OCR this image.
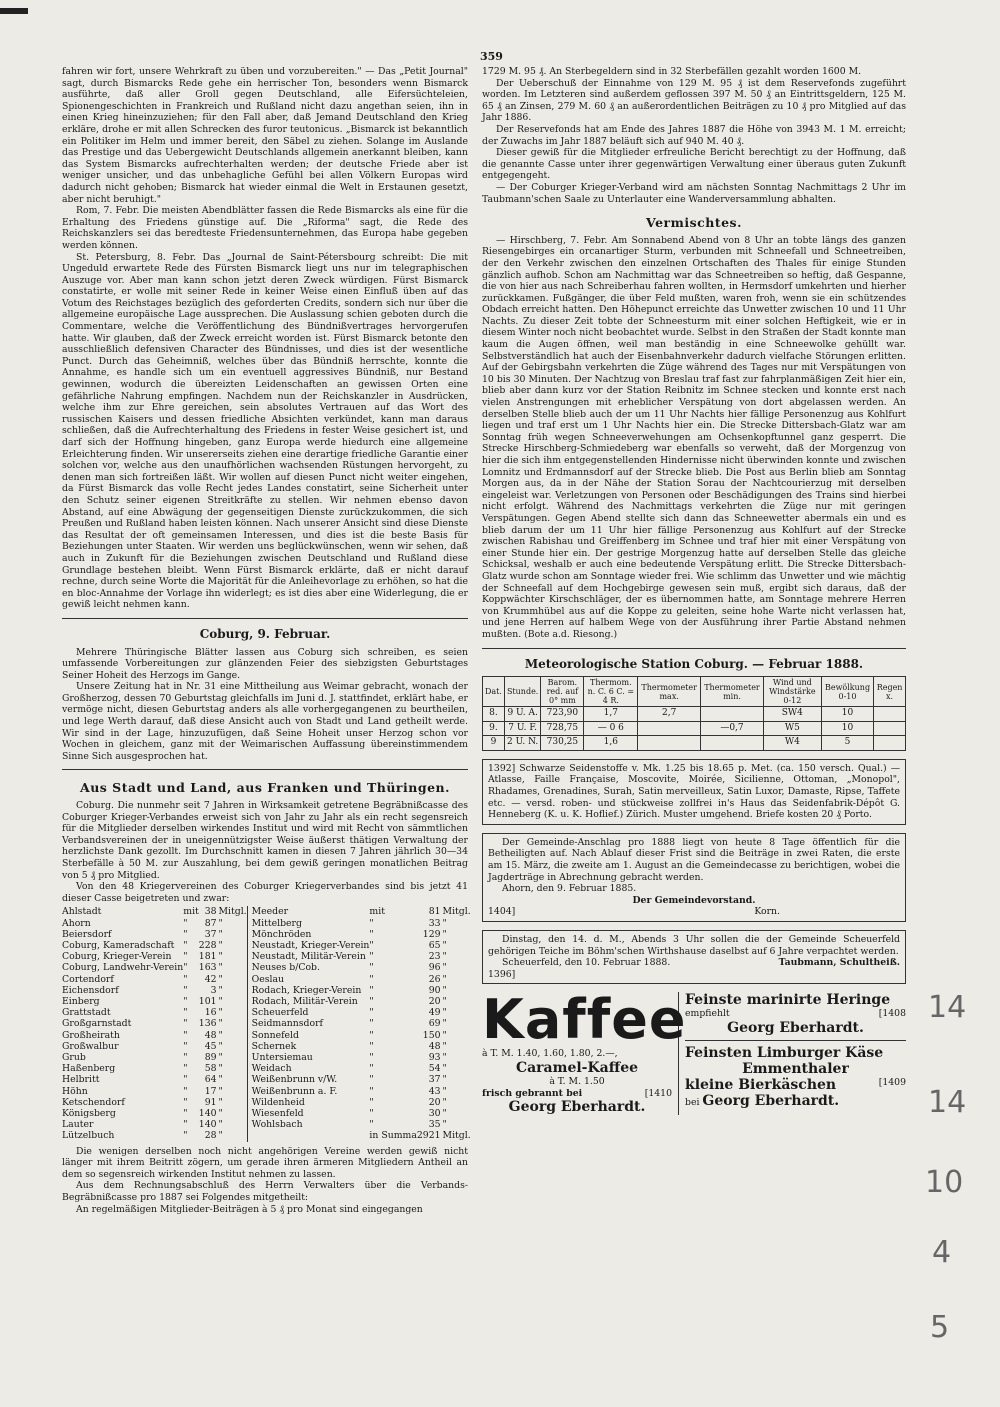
359

fahren wir fort, unsere Wehrkraft zu üben und vorzubereiten." — Das „Petit Journal" sagt, durch Bismarcks Rede gehe ein herrischer Ton, besonders wenn Bismarck ausführte, daß aller Groll gegen Deutschland, alle Eifersüchteleien, Spionengeschichten in Frankreich und Rußland nicht dazu angethan seien, ihn in einen Krieg hineinzuziehen; für den Fall aber, daß Jemand Deutschland den Krieg erkläre, drohe er mit allen Schrecken des furor teutonicus. „Bismarck ist bekanntlich ein Politiker im Helm und immer bereit, den Säbel zu ziehen. Solange im Auslande das Prestige und das Uebergewicht Deutschlands allgemein anerkannt bleiben, kann das System Bismarcks aufrechterhalten werden; der deutsche Friede aber ist weniger unsicher, und das unbehagliche Gefühl bei allen Völkern Europas wird dadurch nicht gehoben; Bismarck hat wieder einmal die Welt in Erstaunen gesetzt, aber nicht beruhigt."

Rom, 7. Febr. Die meisten Abendblätter fassen die Rede Bismarcks als eine für die Erhaltung des Friedens günstige auf. Die „Riforma" sagt, die Rede des Reichskanzlers sei das beredteste Friedensunternehmen, das Europa habe gegeben werden können.

St. Petersburg, 8. Febr. Das „Journal de Saint-Pétersbourg schreibt: Die mit Ungeduld erwartete Rede des Fürsten Bismarck liegt uns nur im telegraphischen Auszuge vor. Aber man kann schon jetzt deren Zweck würdigen. Fürst Bismarck constatirte, er wolle mit seiner Rede in keiner Weise einen Einfluß üben auf das Votum des Reichstages bezüglich des geforderten Credits, sondern sich nur über die allgemeine europäische Lage aussprechen. Die Auslassung schien geboten durch die Commentare, welche die Veröffentlichung des Bündnißvertrages hervorgerufen hatte. Wir glauben, daß der Zweck erreicht worden ist. Fürst Bismarck betonte den ausschließlich defensiven Character des Bündnisses, und dies ist der wesentliche Punct. Durch das Geheimniß, welches über das Bündniß herrschte, konnte die Annahme, es handle sich um ein eventuell aggressives Bündniß, nur Bestand gewinnen, wodurch die übereizten Leidenschaften an gewissen Orten eine gefährliche Nahrung empfingen. Nachdem nun der Reichskanzler in Ausdrücken, welche ihm zur Ehre gereichen, sein absolutes Vertrauen auf das Wort des russischen Kaisers und dessen friedliche Absichten verkündet, kann man daraus schließen, daß die Aufrechterhaltung des Friedens in fester Weise gesichert ist, und darf sich der Hoffnung hingeben, ganz Europa werde hiedurch eine allgemeine Erleichterung finden. Wir unsererseits ziehen eine derartige friedliche Garantie einer solchen vor, welche aus den unaufhörlichen wachsenden Rüstungen hervorgeht, zu denen man sich fortreißen läßt. Wir wollen auf diesen Punct nicht weiter eingehen, da Fürst Bismarck das volle Recht jedes Landes constatirt, seine Sicherheit unter den Schutz seiner eigenen Streitkräfte zu stellen. Wir nehmen ebenso davon Abstand, auf eine Abwägung der gegenseitigen Dienste zurückzukommen, die sich Preußen und Rußland haben leisten können. Nach unserer Ansicht sind diese Dienste das Resultat der oft gemeinsamen Interessen, und dies ist die beste Basis für Beziehungen unter Staaten. Wir werden uns beglückwünschen, wenn wir sehen, daß auch in Zukunft für die Beziehungen zwischen Deutschland und Rußland diese Grundlage bestehen bleibt. Wenn Fürst Bismarck erklärte, daß er nicht darauf rechne, durch seine Worte die Majorität für die Anleihevorlage zu erhöhen, so hat die en bloc-Annahme der Vorlage ihn widerlegt; es ist dies aber eine Widerlegung, die er gewiß leicht nehmen kann.

Coburg, 9. Februar.

Mehrere Thüringische Blätter lassen aus Coburg sich schreiben, es seien umfassende Vorbereitungen zur glänzenden Feier des siebzigsten Geburtstages Seiner Hoheit des Herzogs im Gange.

Unsere Zeitung hat in Nr. 31 eine Mittheilung aus Weimar gebracht, wonach der Großherzog, dessen 70 Geburtstag gleichfalls im Juni d. J. stattfindet, erklärt habe, er vermöge nicht, diesen Geburtstag anders als alle vorhergegangenen zu beurtheilen, und lege Werth darauf, daß diese Ansicht auch von Stadt und Land getheilt werde. Wir sind in der Lage, hinzuzufügen, daß Seine Hoheit unser Herzog schon vor Wochen in gleichem, ganz mit der Weimarischen Auffassung übereinstimmendem Sinne Sich ausgesprochen hat.

Aus Stadt und Land, aus Franken und Thüringen.

Coburg. Die nunmehr seit 7 Jahren in Wirksamkeit getretene Begräbnißcasse des Coburger Krieger-Verbandes erweist sich von Jahr zu Jahr als ein recht segensreich für die Mitglieder derselben wirkendes Institut und wird mit Recht von sämmtlichen Verbandsvereinen der in uneigennützigster Weise äußerst thätigen Verwaltung der herzlichste Dank gezollt. Im Durchschnitt kamen in diesen 7 Jahren jährlich 30—34 Sterbefälle à 50 M. zur Auszahlung, bei dem gewiß geringen monatlichen Beitrag von 5 ₰ pro Mitglied.

Von den 48 Kriegervereinen des Coburger Kriegerverbandes sind bis jetzt 41 dieser Casse beigetreten und zwar:

Ahlstadt	mit	38	Mitgl.	Meeder	mit	81	Mitgl.
Ahorn	"	87	"	Mittelberg	"	33	"
Beiersdorf	"	37	"	Mönchröden	"	129	"
Coburg, Kameradschaft	"	228	"	Neustadt, Krieger-Verein	"	65	"
Coburg, Krieger-Verein	"	181	"	Neustadt, Militär-Verein	"	23	"
Coburg, Landwehr-Verein	"	163	"	Neuses b/Cob.	"	96	"
Cortendorf	"	42	"	Oeslau	"	26	"
Eichensdorf	"	3	"	Rodach, Krieger-Verein	"	90	"
Einberg	"	101	"	Rodach, Militär-Verein	"	20	"
Grattstadt	"	16	"	Scheuerfeld	"	49	"
Großgarnstadt	"	136	"	Seidmannsdorf	"	69	"
Großheirath	"	48	"	Sonnefeld	"	150	"
Großwalbur	"	45	"	Schernek	"	48	"
Grub	"	89	"	Untersiemau	"	93	"
Haßenberg	"	58	"	Weidach	"	54	"
Helbritt	"	64	"	Weißenbrunn v/W.	"	37	"
Höhn	"	17	"	Weißenbrunn a. F.	"	43	"
Ketschendorf	"	91	"	Wildenheid	"	20	"
Königsberg	"	140	"	Wiesenfeld	"	30	"
Lauter	"	140	"	Wohlsbach	"	35	"
Lützelbuch	"	28	"		in Summa	2921	Mitgl.

Die wenigen derselben noch nicht angehörigen Vereine werden gewiß nicht länger mit ihrem Beitritt zögern, um gerade ihren ärmeren Mitgliedern Antheil an dem so segensreich wirkenden Institut nehmen zu lassen.

Aus dem Rechnungsabschluß des Herrn Verwalters über die Verbands-Begräbnißcasse pro 1887 sei Folgendes mitgetheilt:

An regelmäßigen Mitglieder-Beiträgen à 5 ₰ pro Monat sind eingegangen

1729 M. 95 ₰. An Sterbegeldern sind in 32 Sterbefällen gezahlt worden 1600 M.

Der Ueberschuß der Einnahme von 129 M. 95 ₰ ist dem Reservefonds zugeführt worden. Im Letzteren sind außerdem geflossen 397 M. 50 ₰ an Eintrittsgeldern, 125 M. 65 ₰ an Zinsen, 279 M. 60 ₰ an außerordentlichen Beiträgen zu 10 ₰ pro Mitglied auf das Jahr 1886.

Der Reservefonds hat am Ende des Jahres 1887 die Höhe von 3943 M. 1 M. erreicht; der Zuwachs im Jahr 1887 beläuft sich auf 940 M. 40 ₰.

Dieser gewiß für die Mitglieder erfreuliche Bericht berechtigt zu der Hoffnung, daß die genannte Casse unter ihrer gegenwärtigen Verwaltung einer überaus guten Zukunft entgegengeht.

— Der Coburger Krieger-Verband wird am nächsten Sonntag Nachmittags 2 Uhr im Taubmann'schen Saale zu Unterlauter eine Wanderversammlung abhalten.

Vermischtes.

— Hirschberg, 7. Febr. Am Sonnabend Abend von 8 Uhr an tobte längs des ganzen Riesengebirges ein orcanartiger Sturm, verbunden mit Schneefall und Schneetreiben, der den Verkehr zwischen den einzelnen Ortschaften des Thales für einige Stunden gänzlich aufhob. Schon am Nachmittag war das Schneetreiben so heftig, daß Gespanne, die von hier aus nach Schreiberhau fahren wollten, in Hermsdorf umkehrten und hierher zurückkamen. Fußgänger, die über Feld mußten, waren froh, wenn sie ein schützendes Obdach erreicht hatten. Den Höhepunct erreichte das Unwetter zwischen 10 und 11 Uhr Nachts. Zu dieser Zeit tobte der Schneesturm mit einer solchen Heftigkeit, wie er in diesem Winter noch nicht beobachtet wurde. Selbst in den Straßen der Stadt konnte man kaum die Augen öffnen, weil man beständig in eine Schneewolke gehüllt war. Selbstverständlich hat auch der Eisenbahnverkehr dadurch vielfache Störungen erlitten. Auf der Gebirgsbahn verkehrten die Züge während des Tages nur mit Verspätungen von 10 bis 30 Minuten. Der Nachtzug von Breslau traf fast zur fahrplanmäßigen Zeit hier ein, blieb aber dann kurz vor der Station Reibnitz im Schnee stecken und konnte erst nach vielen Anstrengungen mit erheblicher Verspätung von dort abgelassen werden. An derselben Stelle blieb auch der um 11 Uhr Nachts hier fällige Personenzug aus Kohlfurt liegen und traf erst um 1 Uhr Nachts hier ein. Die Strecke Dittersbach-Glatz war am Sonntag früh wegen Schneeverwehungen am Ochsenkopftunnel ganz gesperrt. Die Strecke Hirschberg-Schmiedeberg war ebenfalls so verweht, daß der Morgenzug von hier die sich ihm entgegenstellenden Hindernisse nicht überwinden konnte und zwischen Lomnitz und Erdmannsdorf auf der Strecke blieb. Die Post aus Berlin blieb am Sonntag Morgen aus, da in der Nähe der Station Sorau der Nachtcourierzug mit derselben eingeleist war. Verletzungen von Personen oder Beschädigungen des Trains sind hierbei nicht erfolgt. Während des Nachmittags verkehrten die Züge nur mit geringen Verspätungen. Gegen Abend stellte sich dann das Schneewetter abermals ein und es blieb darum der um 11 Uhr hier fällige Personenzug aus Kohlfurt auf der Strecke zwischen Rabishau und Greiffenberg im Schnee und traf hier mit einer Verspätung von einer Stunde hier ein. Der gestrige Morgenzug hatte auf derselben Stelle das gleiche Schicksal, weshalb er auch eine bedeutende Verspätung erlitt. Die Strecke Dittersbach-Glatz wurde schon am Sonntage wieder frei. Wie schlimm das Unwetter und wie mächtig der Schneefall auf dem Hochgebirge gewesen sein muß, ergibt sich daraus, daß der Koppwächter Kirschschläger, der es übernommen hatte, am Sonntage mehrere Herren von Krummhübel aus auf die Koppe zu geleiten, seine hohe Warte nicht verlassen hat, und jene Herren auf halbem Wege von der Ausführung ihrer Partie Abstand nehmen mußten. (Bote a.d. Riesong.)

Meteorologische Station Coburg. — Februar 1888.
Dat.	Stunde.	Barom. red. auf 0° mm	Thermom. n. C. 6 C. = 4 R.	Thermometer max.	Thermometer min.	Wind und Windstärke 0-12	Bewölkung 0-10	Regen x.
8.	9 U. A.	723,90	1,7	2,7		SW4	10	
9.	7 U. F.	728,75	— 0 6		—0,7	W5	10	
9	2 U. N.	730,25	1,6			W4	5	
1392] Schwarze Seidenstoffe v. Mk. 1.25 bis 18.65 p. Met. (ca. 150 versch. Qual.) — Atlasse, Faille Française, Moscovite, Moirée, Sicilienne, Ottoman, „Monopol", Rhadames, Grenadines, Surah, Satin merveilleux, Satin Luxor, Damaste, Ripse, Taffete etc. — versd. roben- und stückweise zollfrei in's Haus das Seidenfabrik-Dépôt G. Henneberg (K. u. K. Hoflief.) Zürich. Muster umgehend. Briefe kosten 20 ₰ Porto.

Der Gemeinde-Anschlag pro 1888 liegt von heute 8 Tage öffentlich für die Betheiligten auf. Nach Ablauf dieser Frist sind die Beiträge in zwei Raten, die erste am 15. März, die zweite am 1. August an die Gemeindecasse zu berichtigen, wobei die Jagderträge in Abrechnung gebracht werden.

Ahorn, den 9. Februar 1885.

Der Gemeindevorstand.
1404]	Korn.

Dinstag, den 14. d. M., Abends 3 Uhr sollen die der Gemeinde Scheuerfeld gehörigen Teiche im Böhm'schen Wirthshause daselbst auf 6 Jahre verpachtet werden.

Scheuerfeld, den 10. Februar 1888.	Taubmann, Schultheiß.
1396]
Kaffee
à T. M. 1.40, 1.60, 1.80, 2.—,
Caramel-Kaffee
à T. M. 1.50
frisch gebrannt bei	[1410
Georg Eberhardt.
Feinste marinirte Heringe
empfiehlt	[1408
Georg Eberhardt.
Feinsten Limburger Käse
Emmenthaler
kleine Bierkäschen	[1409
bei Georg Eberhardt.
14
14
10
4
5
